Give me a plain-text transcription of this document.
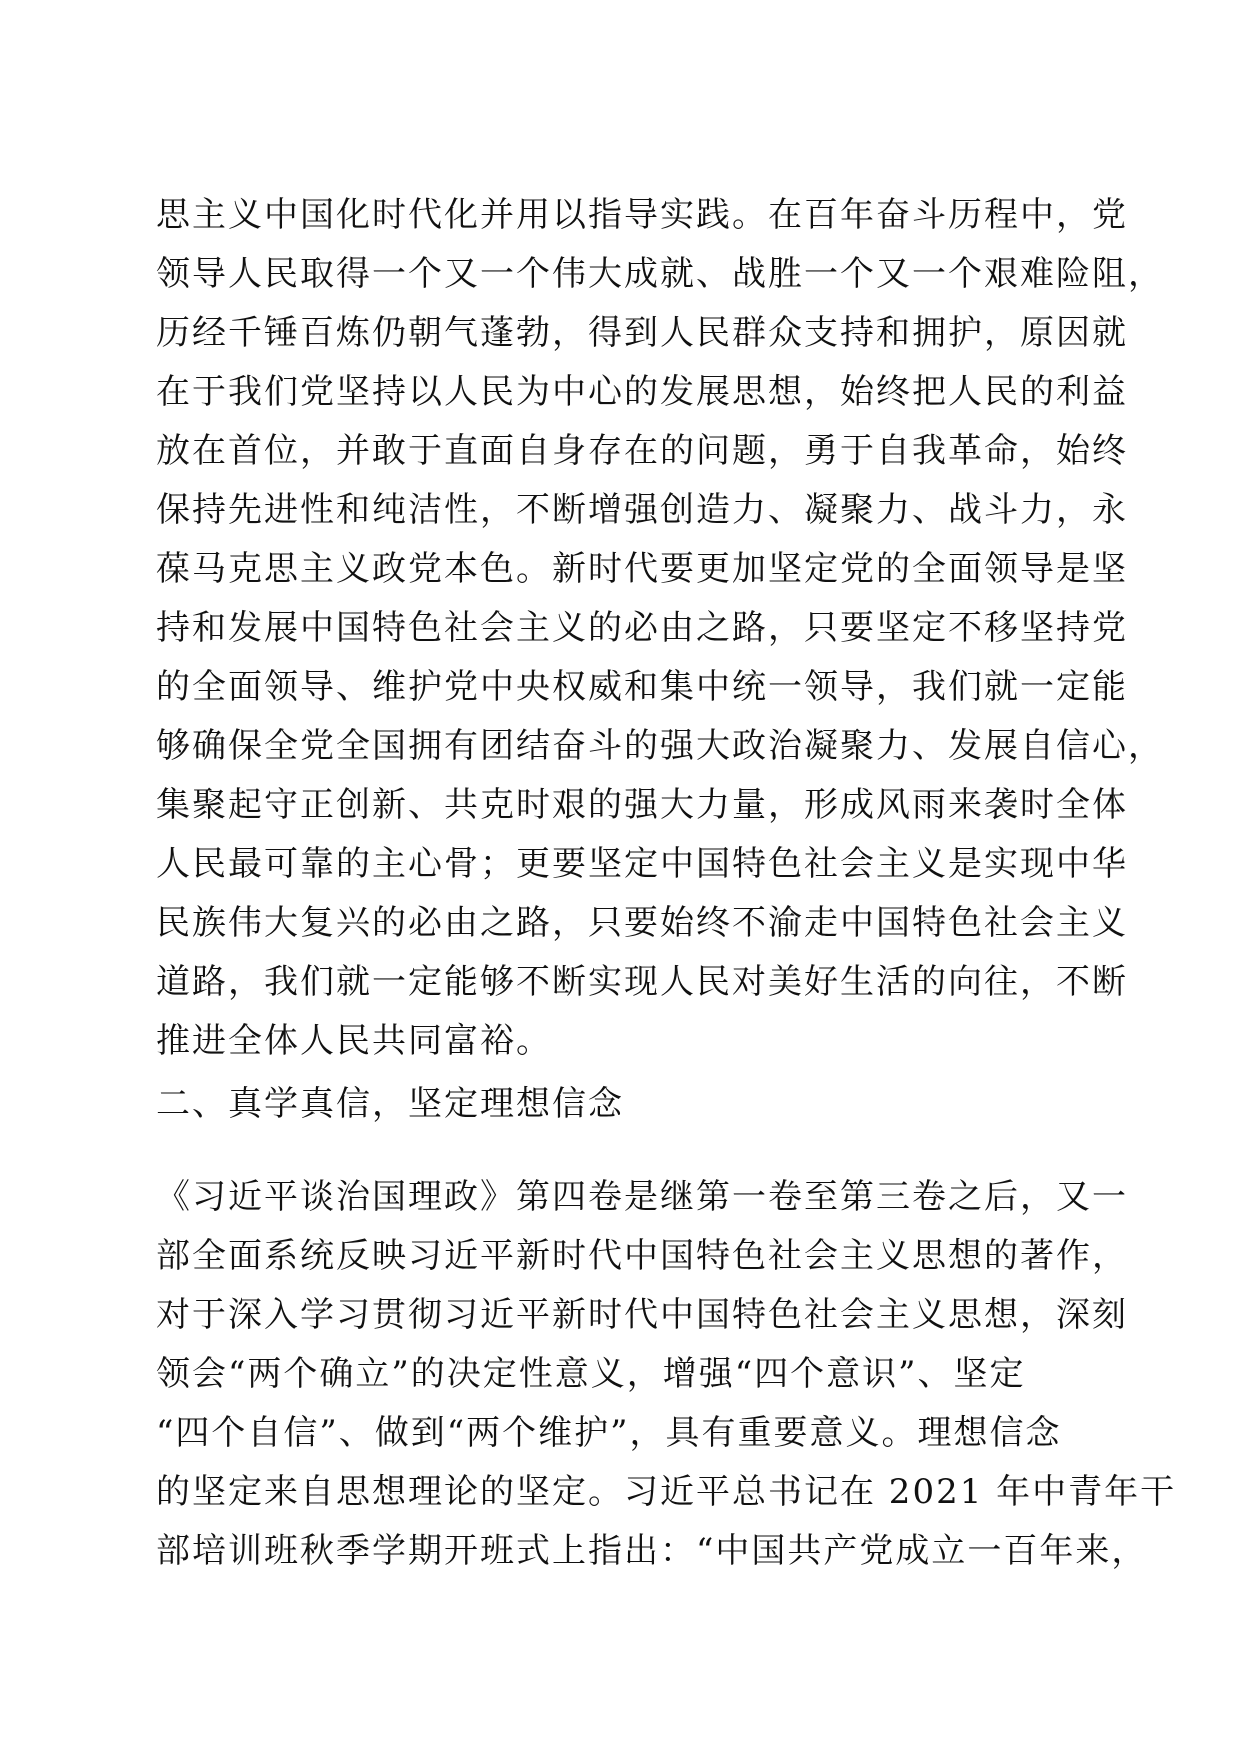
思主义中国化时代化并用以指导实践。在百年奋斗历程中，党
领导人民取得一个又一个伟大成就、战胜一个又一个艰难险阻，
历经千锤百炼仍朝气蓬勃，得到人民群众支持和拥护，原因就
在于我们党坚持以人民为中心的发展思想，始终把人民的利益
放在首位，并敢于直面自身存在的问题，勇于自我革命，始终
保持先进性和纯洁性，不断增强创造力、凝聚力、战斗力，永
葆马克思主义政党本色。新时代要更加坚定党的全面领导是坚
持和发展中国特色社会主义的必由之路，只要坚定不移坚持党
的全面领导、维护党中央权威和集中统一领导，我们就一定能
够确保全党全国拥有团结奋斗的强大政治凝聚力、发展自信心，
集聚起守正创新、共克时艰的强大力量，形成风雨来袭时全体
人民最可靠的主心骨；更要坚定中国特色社会主义是实现中华
民族伟大复兴的必由之路，只要始终不渝走中国特色社会主义
道路，我们就一定能够不断实现人民对美好生活的向往，不断
推进全体人民共同富裕。
二、真学真信，坚定理想信念
《习近平谈治国理政》第四卷是继第一卷至第三卷之后，又一
部全面系统反映习近平新时代中国特色社会主义思想的著作，
对于深入学习贯彻习近平新时代中国特色社会主义思想，深刻
领会“两个确立”的决定性意义，增强“四个意识”、坚定
“四个自信”、做到“两个维护”，具有重要意义。理想信念
的坚定来自思想理论的坚定。习近平总书记在 2021 年中青年干
部培训班秋季学期开班式上指出：“中国共产党成立一百年来，
